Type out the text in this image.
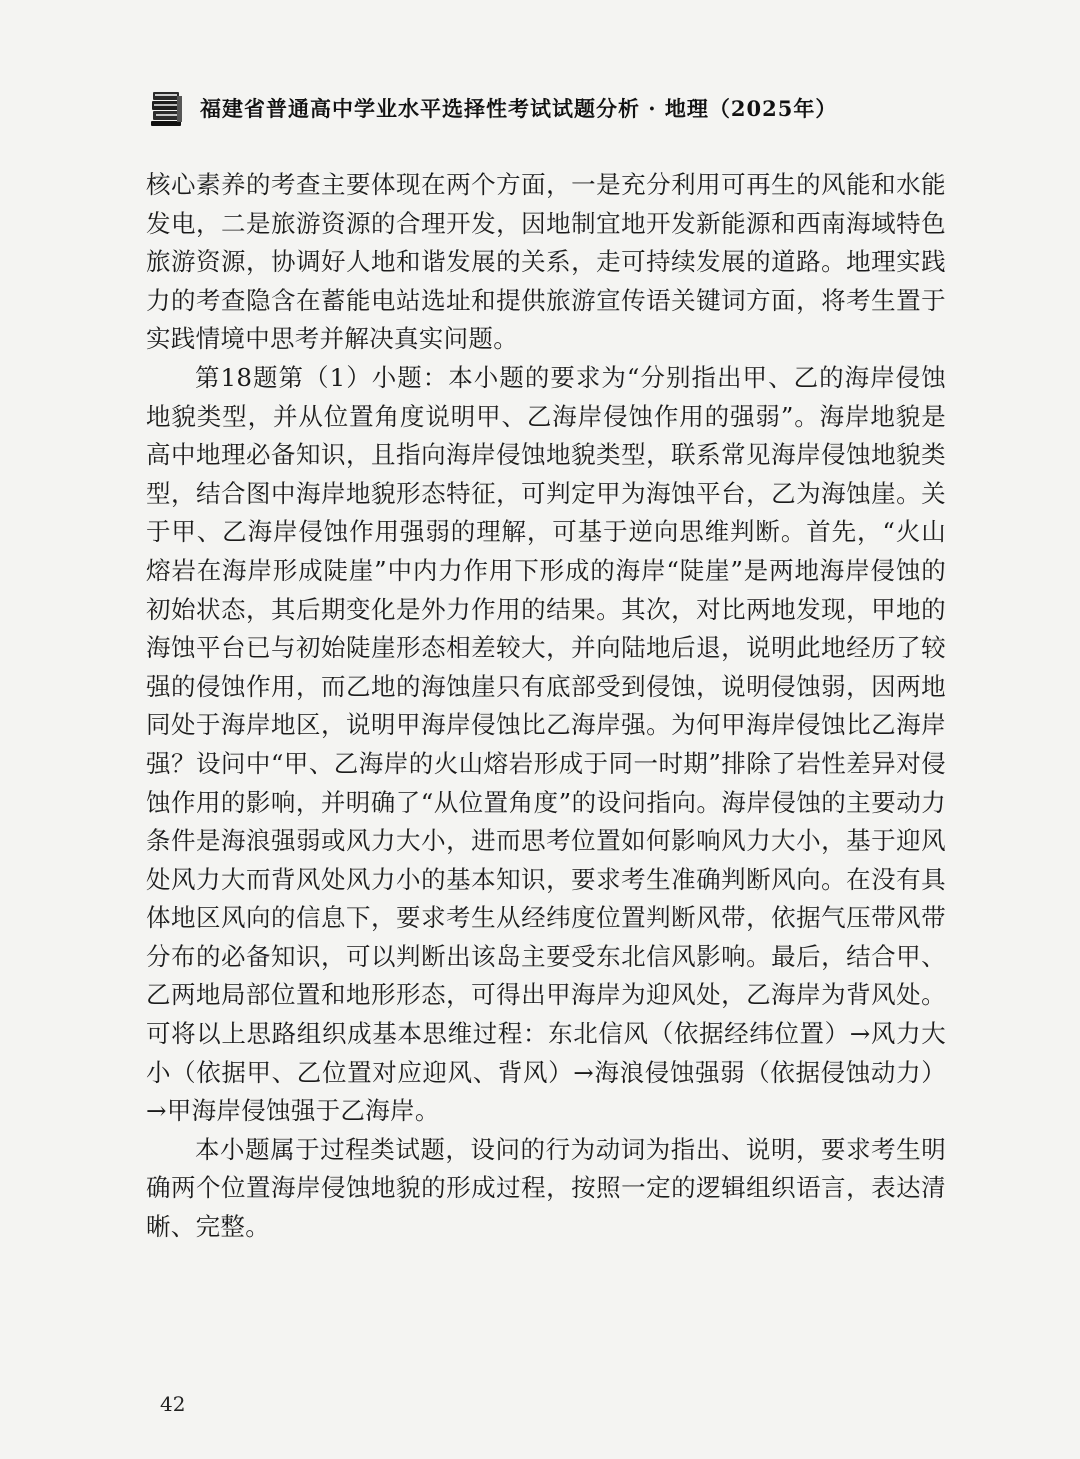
福建省普通高中学业水平选择性考试试题分析 · 地理（2025年）

核心素养的考查主要体现在两个方面，一是充分利用可再生的风能和水能发电，二是旅游资源的合理开发，因地制宜地开发新能源和西南海域特色旅游资源，协调好人地和谐发展的关系，走可持续发展的道路。地理实践力的考查隐含在蓄能电站选址和提供旅游宣传语关键词方面，将考生置于实践情境中思考并解决真实问题。

第18题第（1）小题：本小题的要求为“分别指出甲、乙的海岸侵蚀地貌类型，并从位置角度说明甲、乙海岸侵蚀作用的强弱”。海岸地貌是高中地理必备知识，且指向海岸侵蚀地貌类型，联系常见海岸侵蚀地貌类型，结合图中海岸地貌形态特征，可判定甲为海蚀平台，乙为海蚀崖。关于甲、乙海岸侵蚀作用强弱的理解，可基于逆向思维判断。首先，“火山熔岩在海岸形成陡崖”中内力作用下形成的海岸“陡崖”是两地海岸侵蚀的初始状态，其后期变化是外力作用的结果。其次，对比两地发现，甲地的海蚀平台已与初始陡崖形态相差较大，并向陆地后退，说明此地经历了较强的侵蚀作用，而乙地的海蚀崖只有底部受到侵蚀，说明侵蚀弱，因两地同处于海岸地区，说明甲海岸侵蚀比乙海岸强。为何甲海岸侵蚀比乙海岸强？设问中“甲、乙海岸的火山熔岩形成于同一时期”排除了岩性差异对侵蚀作用的影响，并明确了“从位置角度”的设问指向。海岸侵蚀的主要动力条件是海浪强弱或风力大小，进而思考位置如何影响风力大小，基于迎风处风力大而背风处风力小的基本知识，要求考生准确判断风向。在没有具体地区风向的信息下，要求考生从经纬度位置判断风带，依据气压带风带分布的必备知识，可以判断出该岛主要受东北信风影响。最后，结合甲、乙两地局部位置和地形形态，可得出甲海岸为迎风处，乙海岸为背风处。可将以上思路组织成基本思维过程：东北信风（依据经纬位置）→风力大小（依据甲、乙位置对应迎风、背风）→海浪侵蚀强弱（依据侵蚀动力）→甲海岸侵蚀强于乙海岸。

本小题属于过程类试题，设问的行为动词为指出、说明，要求考生明确两个位置海岸侵蚀地貌的形成过程，按照一定的逻辑组织语言，表达清晰、完整。

42
